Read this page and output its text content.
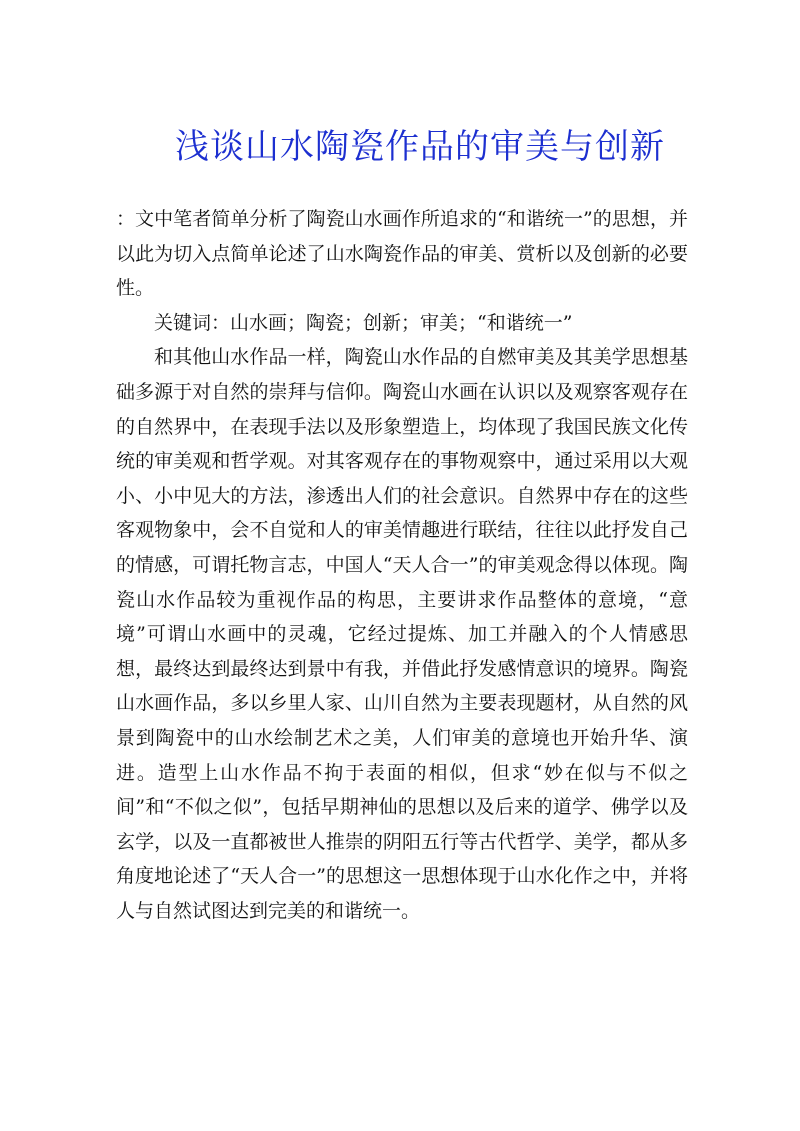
浅谈山水陶瓷作品的审美与创新

：文中笔者简单分析了陶瓷山水画作所追求的“和谐统一”的思想，并以此为切入点简单论述了山水陶瓷作品的审美、赏析以及创新的必要性。

关键词：山水画；陶瓷；创新；审美；“和谐统一”

和其他山水作品一样，陶瓷山水作品的自燃审美及其美学思想基础多源于对自然的崇拜与信仰。陶瓷山水画在认识以及观察客观存在的自然界中，在表现手法以及形象塑造上，均体现了我国民族文化传统的审美观和哲学观。对其客观存在的事物观察中，通过采用以大观小、小中见大的方法，渗透出人们的社会意识。自然界中存在的这些客观物象中，会不自觉和人的审美情趣进行联结，往往以此抒发自己的情感，可谓托物言志，中国人“天人合一”的审美观念得以体现。陶瓷山水作品较为重视作品的构思，主要讲求作品整体的意境，“意境”可谓山水画中的灵魂，它经过提炼、加工并融入的个人情感思想，最终达到最终达到景中有我，并借此抒发感情意识的境界。陶瓷山水画作品，多以乡里人家、山川自然为主要表现题材，从自然的风景到陶瓷中的山水绘制艺术之美，人们审美的意境也开始升华、演进。造型上山水作品不拘于表面的相似，但求“妙在似与不似之间”和“不似之似”，包括早期神仙的思想以及后来的道学、佛学以及玄学，以及一直都被世人推崇的阴阳五行等古代哲学、美学，都从多角度地论述了“天人合一”的思想这一思想体现于山水化作之中，并将人与自然试图达到完美的和谐统一。
